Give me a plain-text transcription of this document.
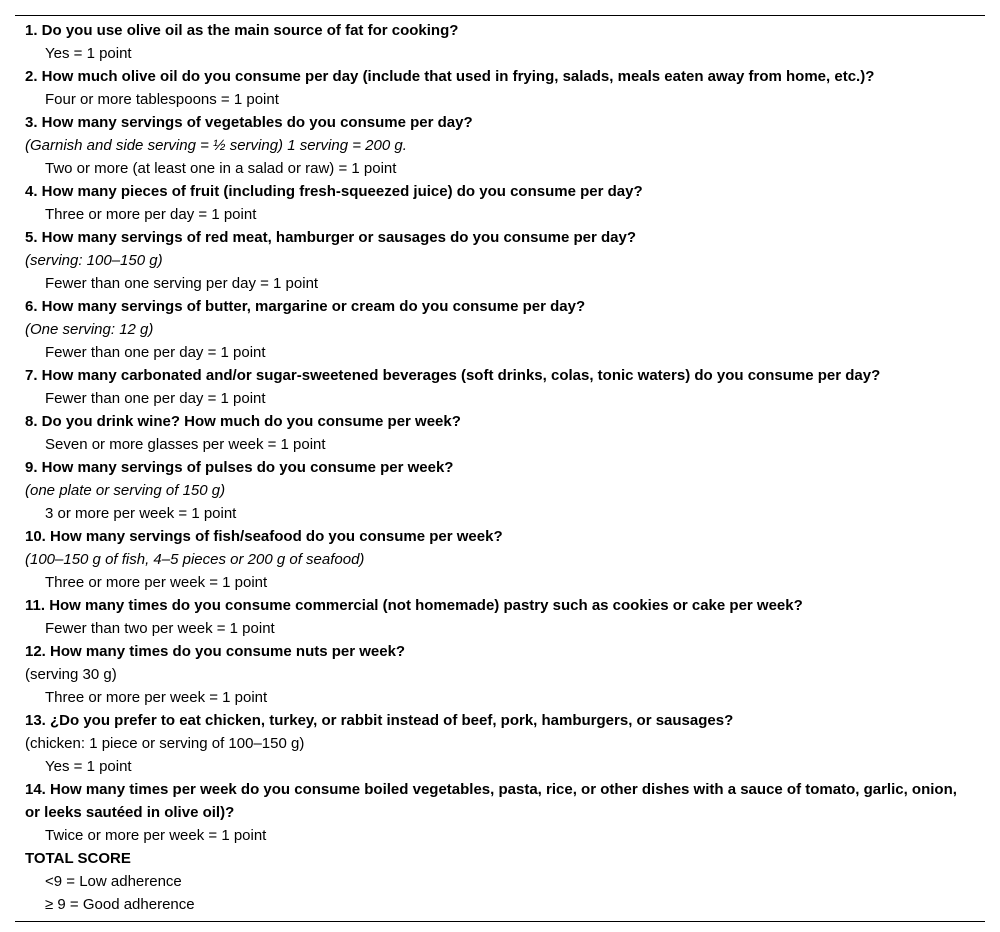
1. Do you use olive oil as the main source of fat for cooking?
Yes = 1 point
2. How much olive oil do you consume per day (include that used in frying, salads, meals eaten away from home, etc.)?
Four or more tablespoons = 1 point
3. How many servings of vegetables do you consume per day?
(Garnish and side serving = ½ serving) 1 serving = 200 g.
Two or more (at least one in a salad or raw) = 1 point
4. How many pieces of fruit (including fresh-squeezed juice) do you consume per day?
Three or more per day = 1 point
5. How many servings of red meat, hamburger or sausages do you consume per day?
(serving: 100–150 g)
Fewer than one serving per day = 1 point
6. How many servings of butter, margarine or cream do you consume per day?
(One serving: 12 g)
Fewer than one per day = 1 point
7. How many carbonated and/or sugar-sweetened beverages (soft drinks, colas, tonic waters) do you consume per day?
Fewer than one per day = 1 point
8. Do you drink wine? How much do you consume per week?
Seven or more glasses per week = 1 point
9. How many servings of pulses do you consume per week?
(one plate or serving of 150 g)
3 or more per week = 1 point
10. How many servings of fish/seafood do you consume per week?
(100–150 g of fish, 4–5 pieces or 200 g of seafood)
Three or more per week = 1 point
11. How many times do you consume commercial (not homemade) pastry such as cookies or cake per week?
Fewer than two per week = 1 point
12. How many times do you consume nuts per week?
(serving 30 g)
Three or more per week = 1 point
13. ¿Do you prefer to eat chicken, turkey, or rabbit instead of beef, pork, hamburgers, or sausages?
(chicken: 1 piece or serving of 100–150 g)
Yes = 1 point
14. How many times per week do you consume boiled vegetables, pasta, rice, or other dishes with a sauce of tomato, garlic, onion, or leeks sautéed in olive oil)?
Twice or more per week = 1 point
TOTAL SCORE
<9 = Low adherence
≥ 9 = Good adherence
